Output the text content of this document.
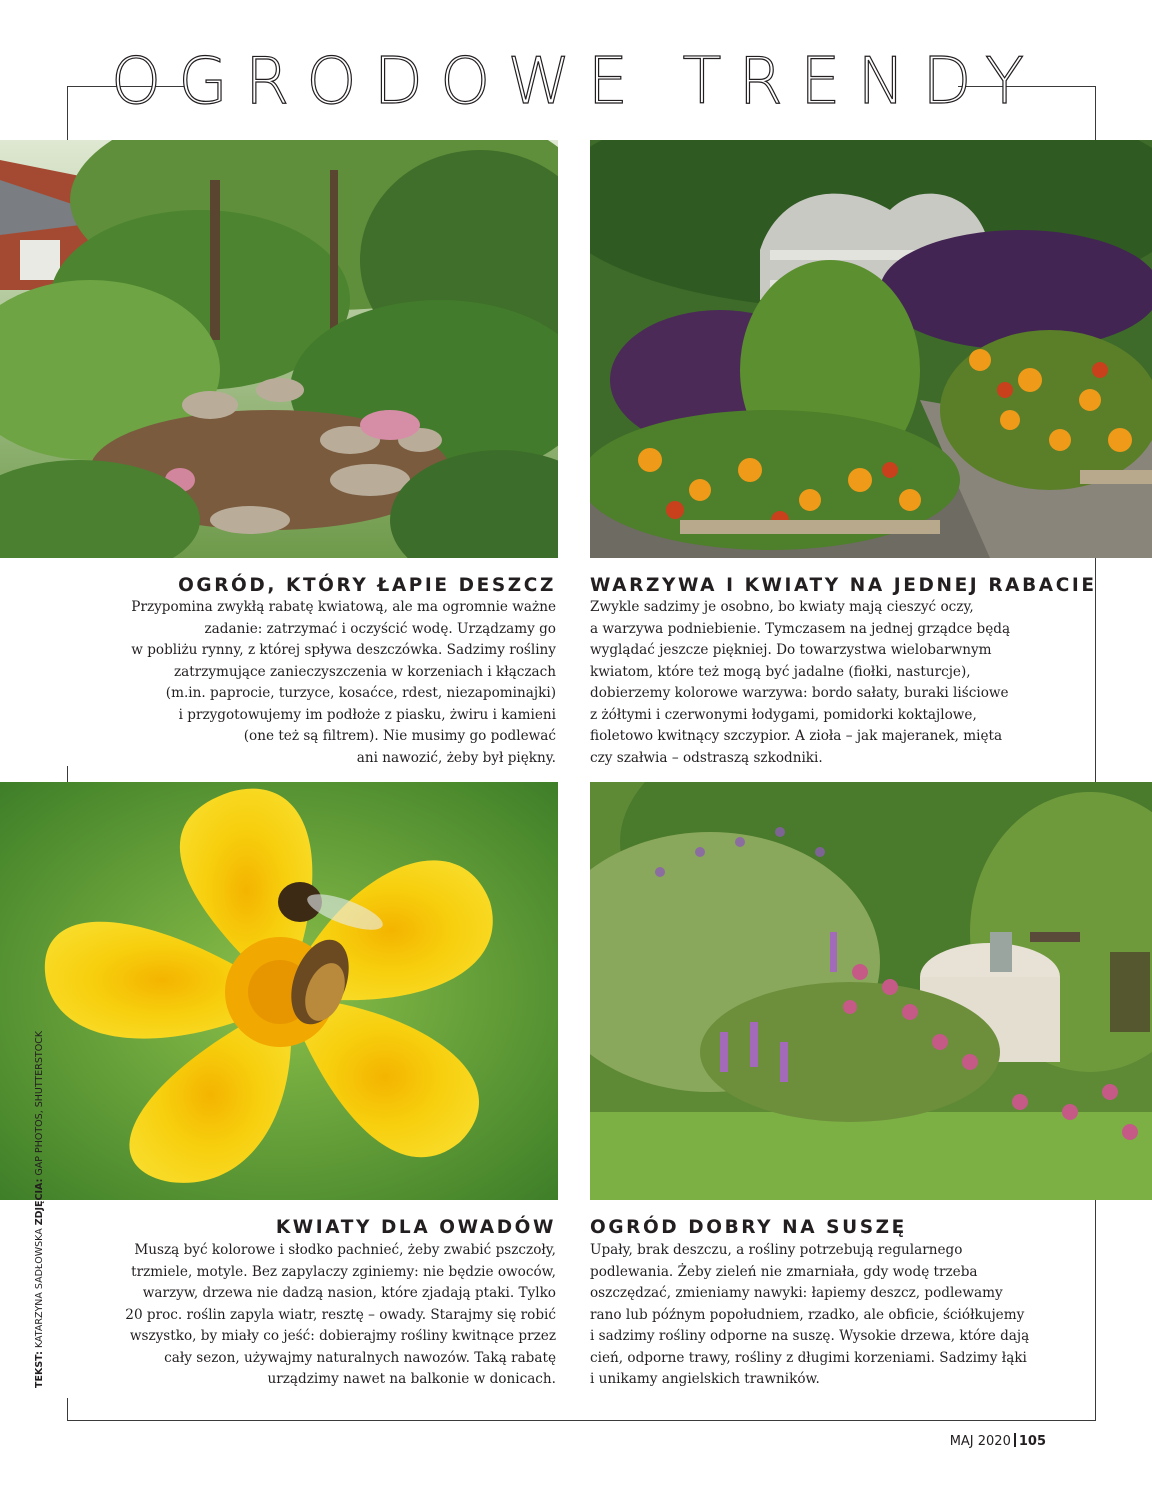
OGRODOWE TRENDY
OGRÓD, KTÓRY ŁAPIE DESZCZ

Przypomina zwykłą rabatę kwiatową, ale ma ogromnie ważne
zadanie: zatrzymać i oczyścić wodę. Urządzamy go
w pobliżu rynny, z której spływa deszczówka. Sadzimy rośliny
zatrzymujące zanieczyszczenia w korzeniach i kłączach
(m.in. paprocie, turzyce, kosaćce, rdest, niezapominajki)
i przygotowujemy im podłoże z piasku, żwiru i kamieni
(one też są filtrem). Nie musimy go podlewać
ani nawozić, żeby był piękny.

WARZYWA I KWIATY NA JEDNEJ RABACIE

Zwykle sadzimy je osobno, bo kwiaty mają cieszyć oczy,
a warzywa podniebienie. Tymczasem na jednej grządce będą
wyglądać jeszcze piękniej. Do towarzystwa wielobarwnym
kwiatom, które też mogą być jadalne (fiołki, nasturcje),
dobierzemy kolorowe warzywa: bordo sałaty, buraki liściowe
z żółtymi i czerwonymi łodygami, pomidorki koktajlowe,
fioletowo kwitnący szczypior. A zioła – jak majeranek, mięta
czy szałwia – odstraszą szkodniki.

KWIATY DLA OWADÓW

Muszą być kolorowe i słodko pachnieć, żeby zwabić pszczoły,
trzmiele, motyle. Bez zapylaczy zginiemy: nie będzie owoców,
warzyw, drzewa nie dadzą nasion, które zjadają ptaki. Tylko
20 proc. roślin zapyla wiatr, resztę – owady. Starajmy się robić
wszystko, by miały co jeść: dobierajmy rośliny kwitnące przez
cały sezon, używajmy naturalnych nawozów. Taką rabatę
urządzimy nawet na balkonie w donicach.

OGRÓD DOBRY NA SUSZĘ

Upały, brak deszczu, a rośliny potrzebują regularnego
podlewania. Żeby zieleń nie zmarniała, gdy wodę trzeba
oszczędzać, zmieniamy nawyki: łapiemy deszcz, podlewamy
rano lub późnym popołudniem, rzadko, ale obficie, ściółkujemy
i sadzimy rośliny odporne na suszę. Wysokie drzewa, które dają
cień, odporne trawy, rośliny z długimi korzeniami. Sadzimy łąki
i unikamy angielskich trawników.

TEKST: KATARZYNA SADŁOWSKA ZDJĘCIA: GAP PHOTOS, SHUTTERSTOCK
MAJ 2020 105
